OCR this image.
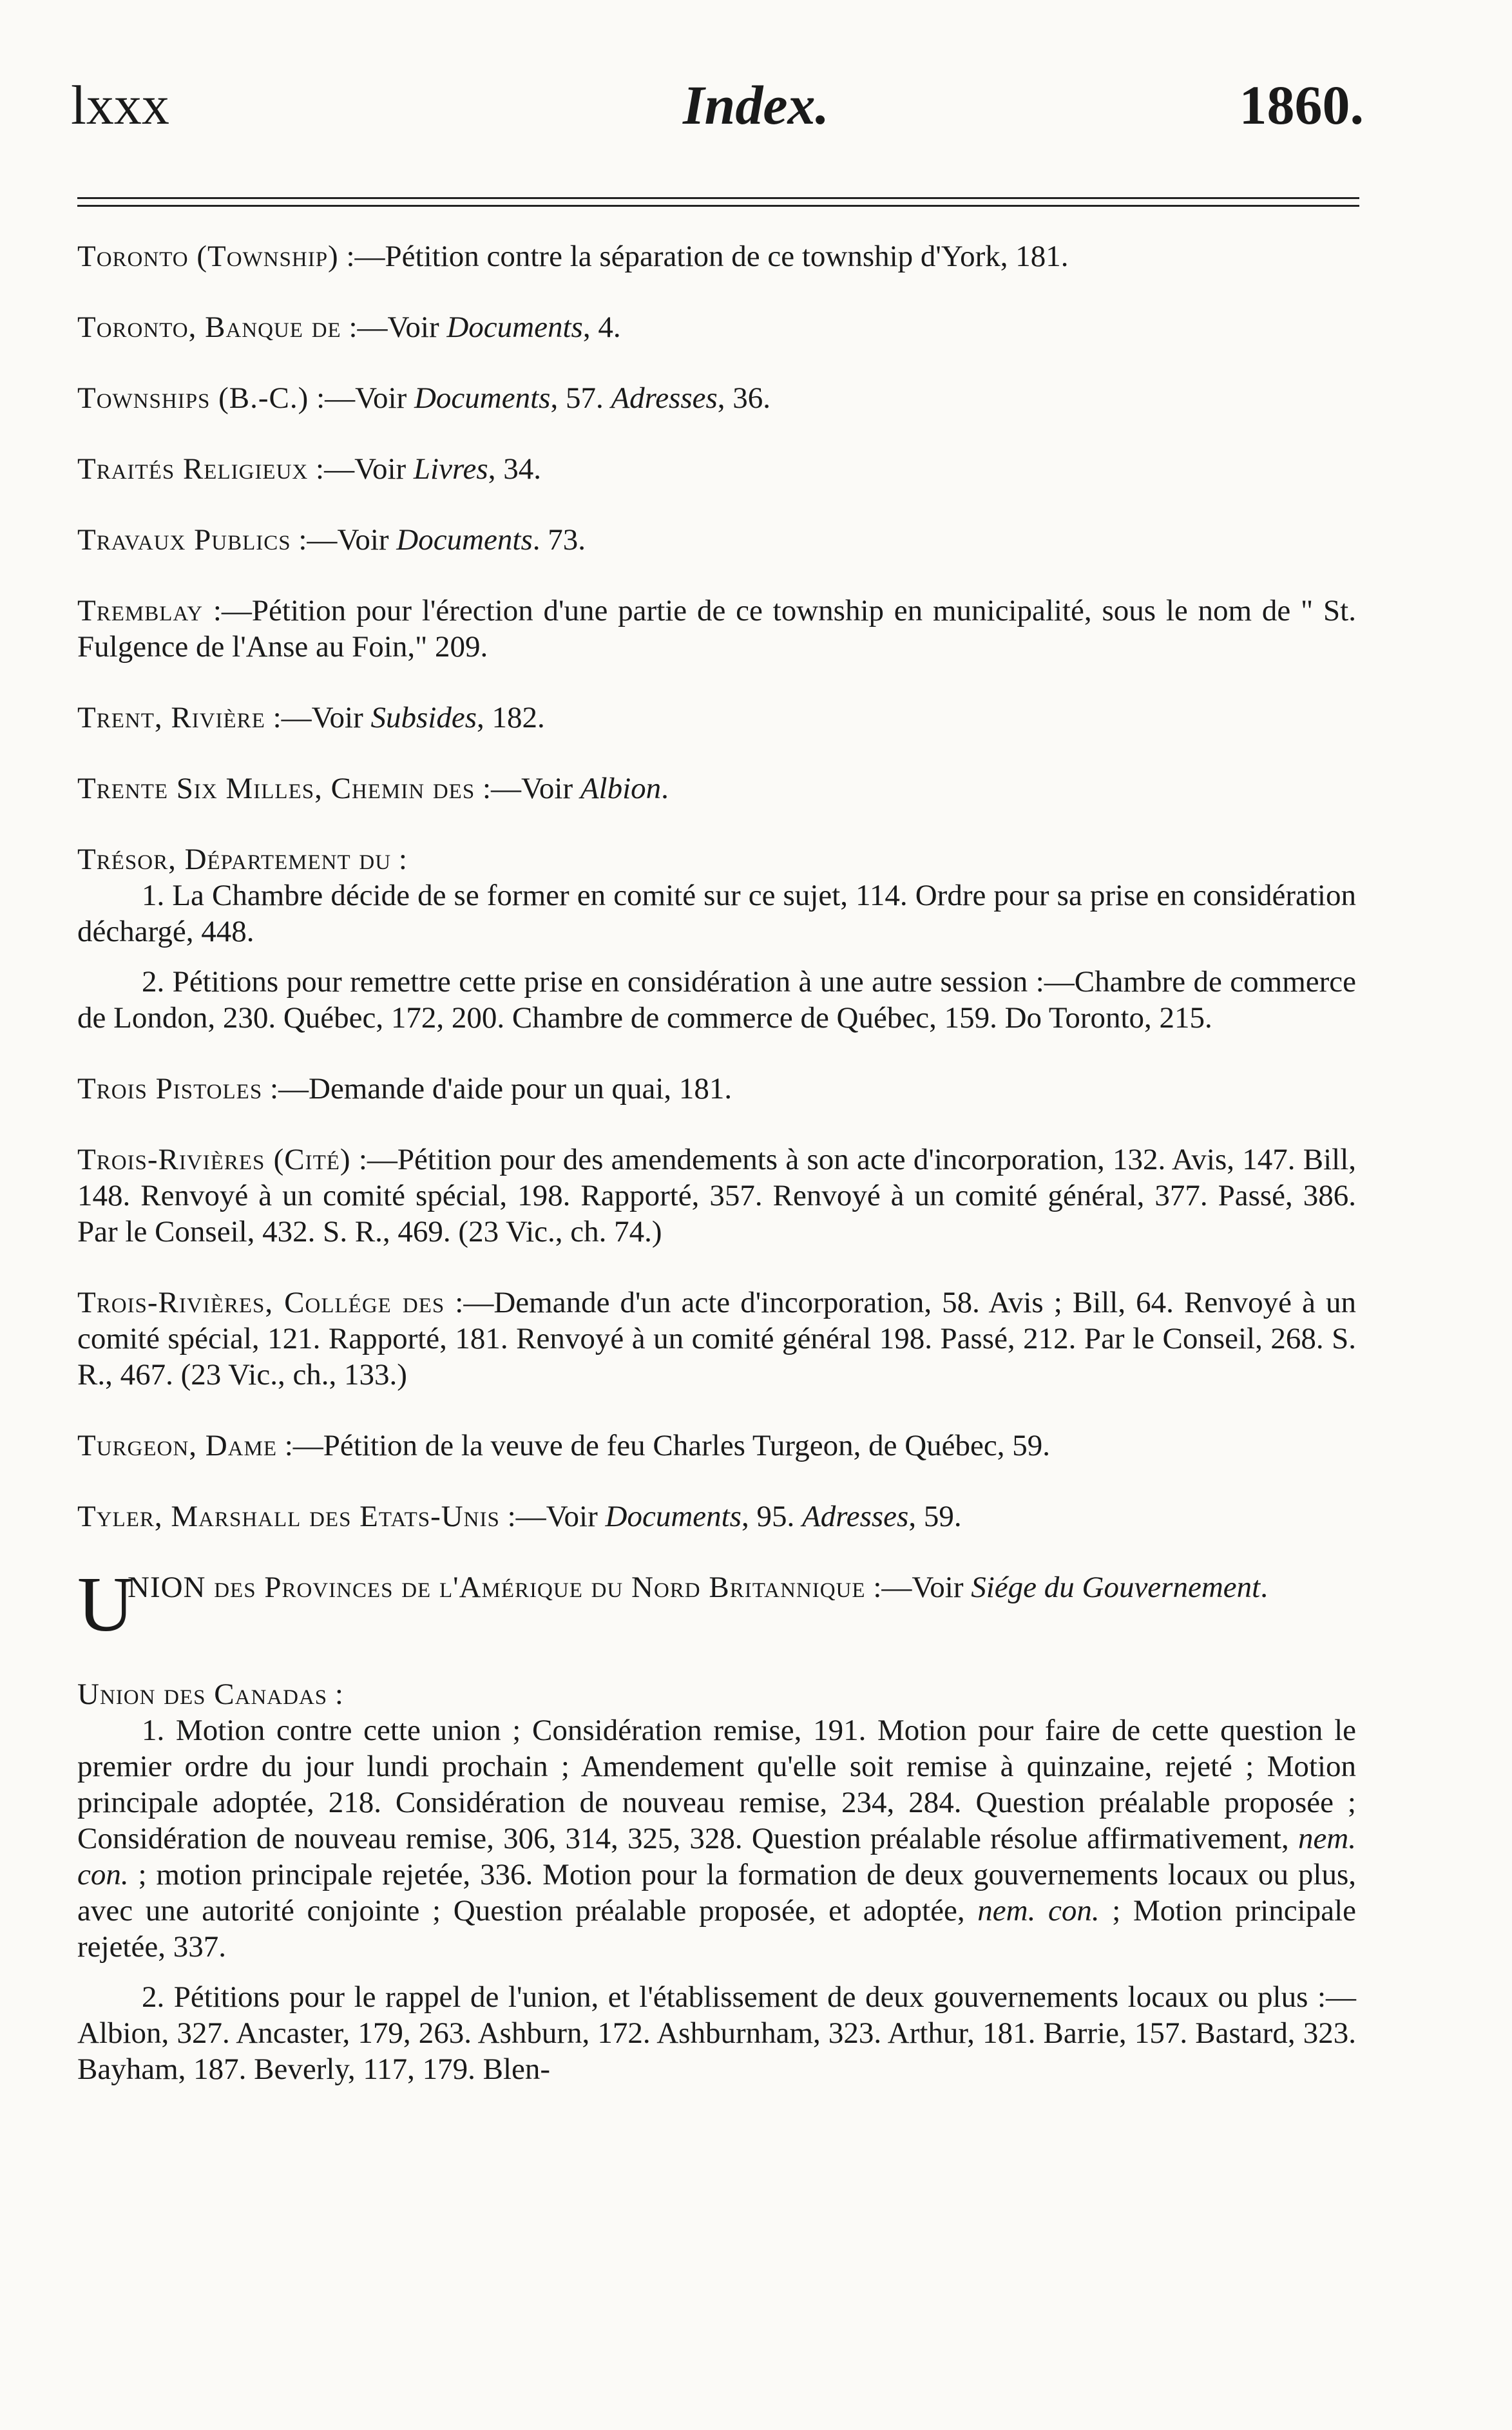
lxxx	Index.	1860.
Toronto (Township) :—Pétition contre la séparation de ce township d'York, 181.
Toronto, Banque de :—Voir Documents, 4.
Townships (B.-C.) :—Voir Documents, 57. Adresses, 36.
Traités Religieux :—Voir Livres, 34.
Travaux Publics :—Voir Documents. 73.
Tremblay :—Pétition pour l'érection d'une partie de ce township en municipalité, sous le nom de " St. Fulgence de l'Anse au Foin," 209.
Trent, Rivière :—Voir Subsides, 182.
Trente Six Milles, Chemin des :—Voir Albion.
Trésor, Département du :
1. La Chambre décide de se former en comité sur ce sujet, 114. Ordre pour sa prise en considération déchargé, 448.
2. Pétitions pour remettre cette prise en considération à une autre session :—Chambre de commerce de London, 230. Québec, 172, 200. Chambre de commerce de Québec, 159. Do Toronto, 215.
Trois Pistoles :—Demande d'aide pour un quai, 181.
Trois-Rivières (Cité) :—Pétition pour des amendements à son acte d'incorporation, 132. Avis, 147. Bill, 148. Renvoyé à un comité spécial, 198. Rapporté, 357. Renvoyé à un comité général, 377. Passé, 386. Par le Conseil, 432. S. R., 469. (23 Vic., ch. 74.)
Trois-Rivières, Collége des :—Demande d'un acte d'incorporation, 58. Avis ; Bill, 64. Renvoyé à un comité spécial, 121. Rapporté, 181. Renvoyé à un comité général 198. Passé, 212. Par le Conseil, 268. S. R., 467. (23 Vic., ch., 133.)
Turgeon, Dame :—Pétition de la veuve de feu Charles Turgeon, de Québec, 59.
Tyler, Marshall des Etats-Unis :—Voir Documents, 95. Adresses, 59.
U
NION des Provinces de l'Amérique du Nord Britannique :—Voir Siége du Gouvernement.
Union des Canadas :
1. Motion contre cette union ; Considération remise, 191. Motion pour faire de cette question le premier ordre du jour lundi prochain ; Amendement qu'elle soit remise à quinzaine, rejeté ; Motion principale adoptée, 218. Considération de nouveau remise, 234, 284. Question préalable proposée ; Considération de nouveau remise, 306, 314, 325, 328. Question préalable résolue affirmativement, nem. con. ; motion principale rejetée, 336. Motion pour la formation de deux gouvernements locaux ou plus, avec une autorité conjointe ; Question préalable proposée, et adoptée, nem. con. ; Motion principale rejetée, 337.
2. Pétitions pour le rappel de l'union, et l'établissement de deux gouvernements locaux ou plus :—Albion, 327. Ancaster, 179, 263. Ashburn, 172. Ashburnham, 323. Arthur, 181. Barrie, 157. Bastard, 323. Bayham, 187. Beverly, 117, 179. Blen-
